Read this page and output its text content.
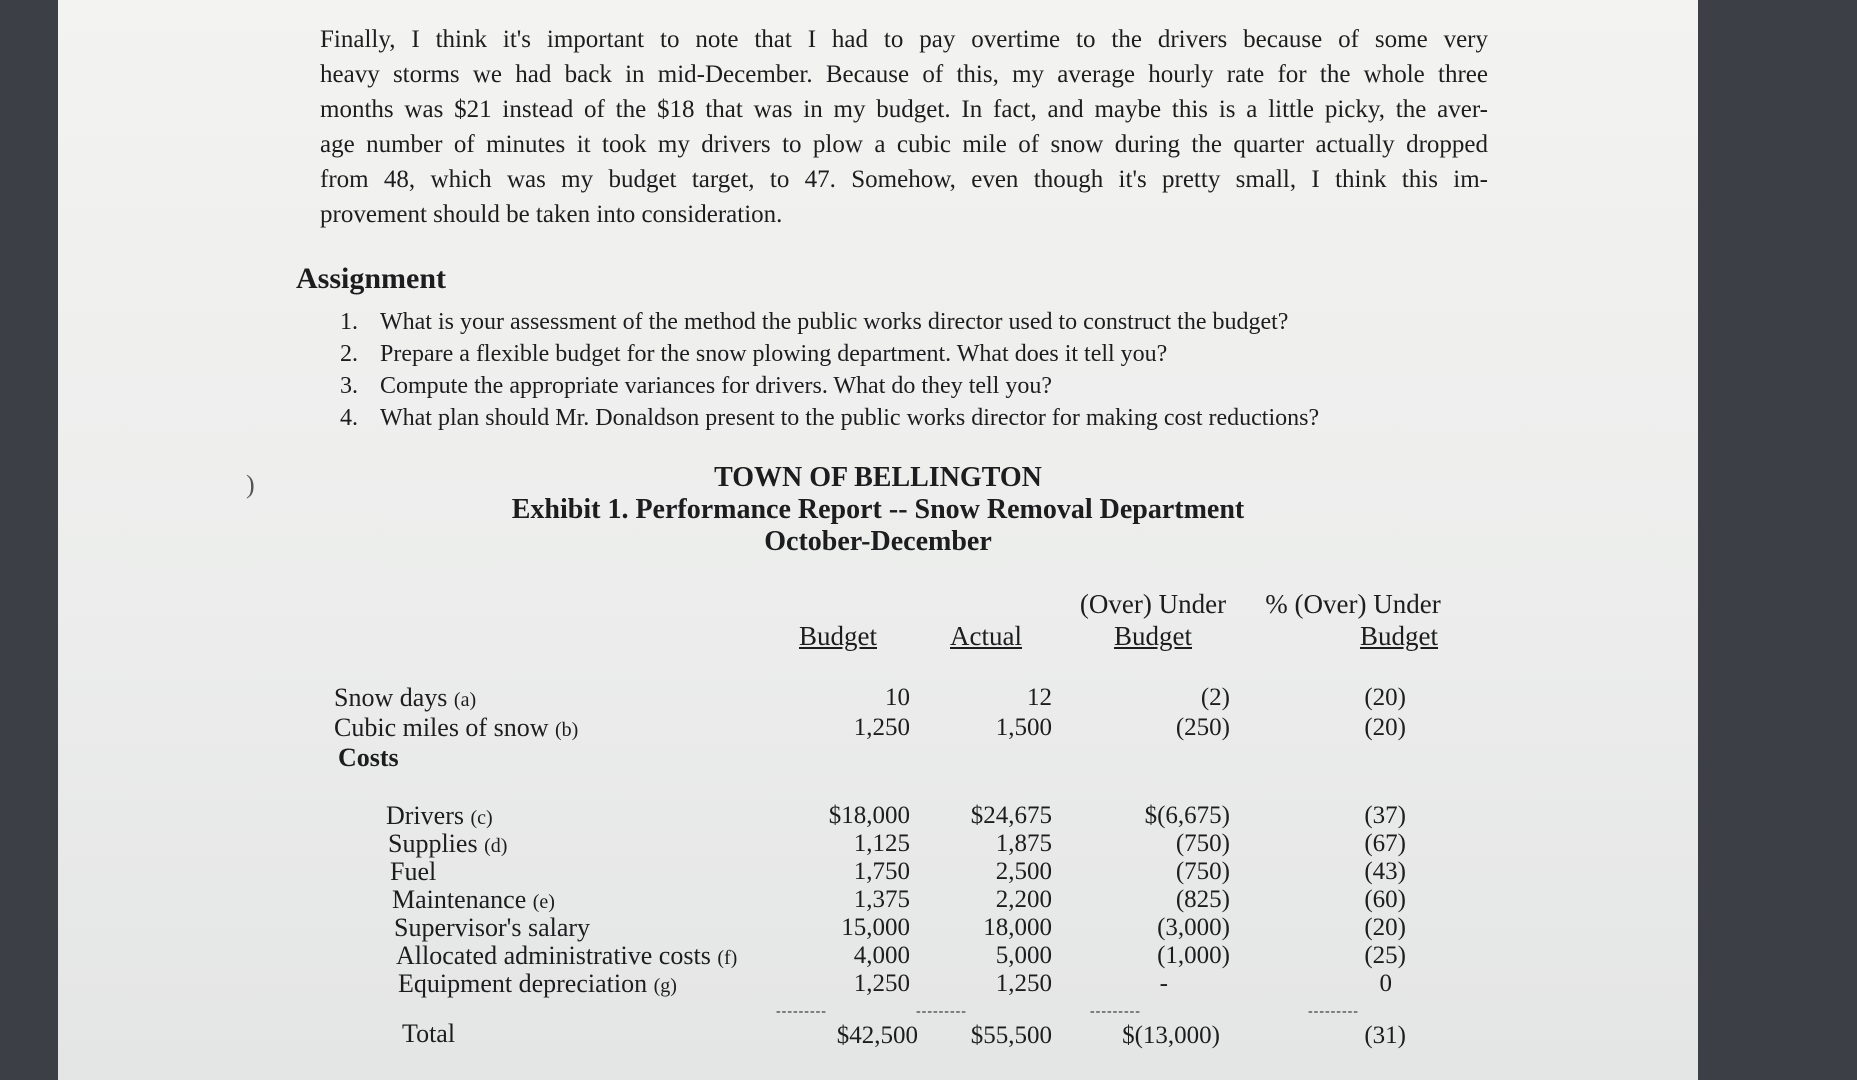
)

Finally, I think it's important to note that I had to pay overtime to the drivers because of some very
heavy storms we had back in mid-December. Because of this, my average hourly rate for the whole three
months was $21 instead of the $18 that was in my budget. In fact, and maybe this is a little picky, the aver-
age number of minutes it took my drivers to plow a cubic mile of snow during the quarter actually dropped
from 48, which was my budget target, to 47. Somehow, even though it's pretty small, I think this im-
provement should be taken into consideration.

Assignment
1. What is your assessment of the method the public works director used to construct the budget?
2. Prepare a flexible budget for the snow plowing department. What does it tell you?
3. Compute the appropriate variances for drivers. What do they tell you?
4. What plan should Mr. Donaldson present to the public works director for making cost reductions?
TOWN OF BELLINGTON
Exhibit 1. Performance Report -- Snow Removal Department
October-December
Budget	Actual
(Over) Under
Budget
% (Over) Under
Budget
Snow days (a)	10	12	(2)	(20)
Cubic miles of snow (b)	1,250	1,500	(250)	(20)
Costs
Drivers (c)	$18,000	$24,675	$(6,675)	(37)
Supplies (d)	1,125	1,875	(750)	(67)
Fuel	1,750	2,500	(750)	(43)
Maintenance (e)	1,375	2,200	(825)	(60)
Supervisor's salary	15,000	18,000	(3,000)	(20)
Allocated administrative costs (f)	4,000	5,000	(1,000)	(25)
Equipment depreciation (g)	1,250	1,250	-	0
---------	---------	---------	---------
Total	$42,500	$55,500	$(13,000)	(31)
